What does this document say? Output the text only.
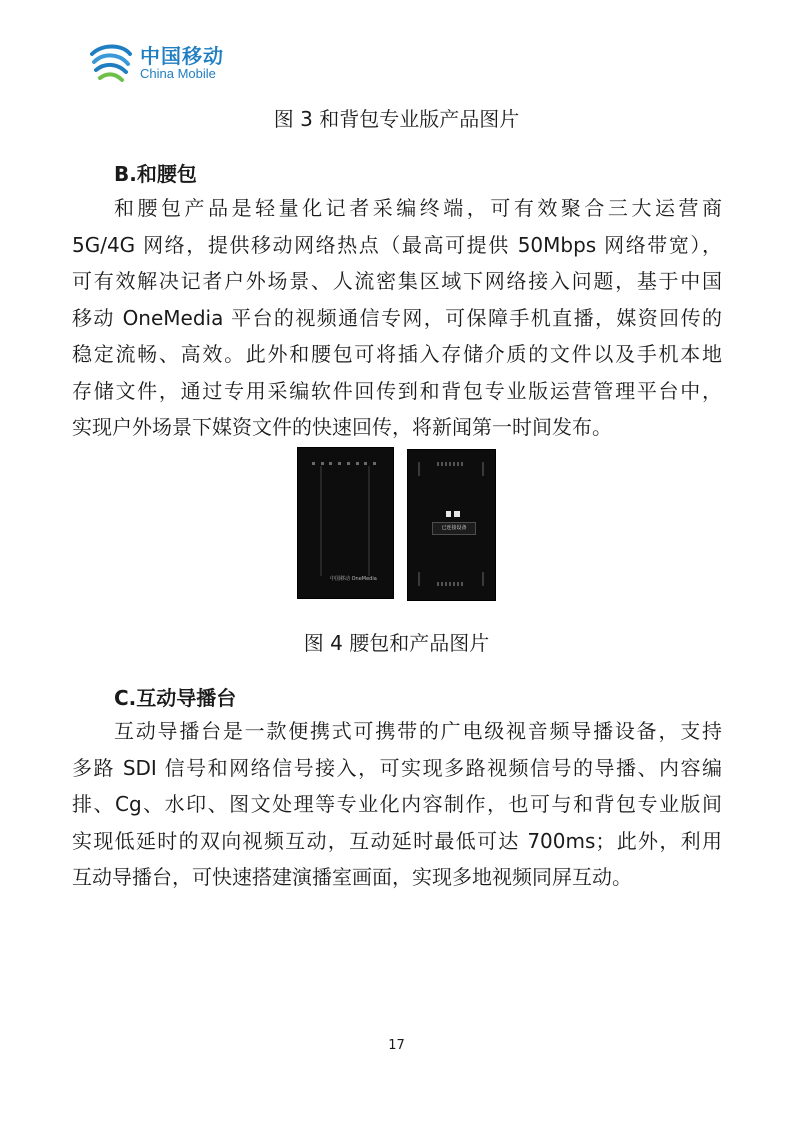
中国移动
China Mobile
图 3 和背包专业版产品图片
B.和腰包
和腰包产品是轻量化记者采编终端，可有效聚合三大运营商
5G/4G 网络，提供移动网络热点（最高可提供 50Mbps 网络带宽），
可有效解决记者户外场景、人流密集区域下网络接入问题，基于中国
移动 OneMedia 平台的视频通信专网，可保障手机直播，媒资回传的
稳定流畅、高效。此外和腰包可将插入存储介质的文件以及手机本地
存储文件，通过专用采编软件回传到和背包专业版运营管理平台中，
实现户外场景下媒资文件的快速回传，将新闻第一时间发布。
中国移动 OneMedia
已连接设备
图 4 腰包和产品图片
C.互动导播台
互动导播台是一款便携式可携带的广电级视音频导播设备，支持
多路 SDI 信号和网络信号接入，可实现多路视频信号的导播、内容编
排、Cg、水印、图文处理等专业化内容制作，也可与和背包专业版间
实现低延时的双向视频互动，互动延时最低可达 700ms；此外，利用
互动导播台，可快速搭建演播室画面，实现多地视频同屏互动。
17
